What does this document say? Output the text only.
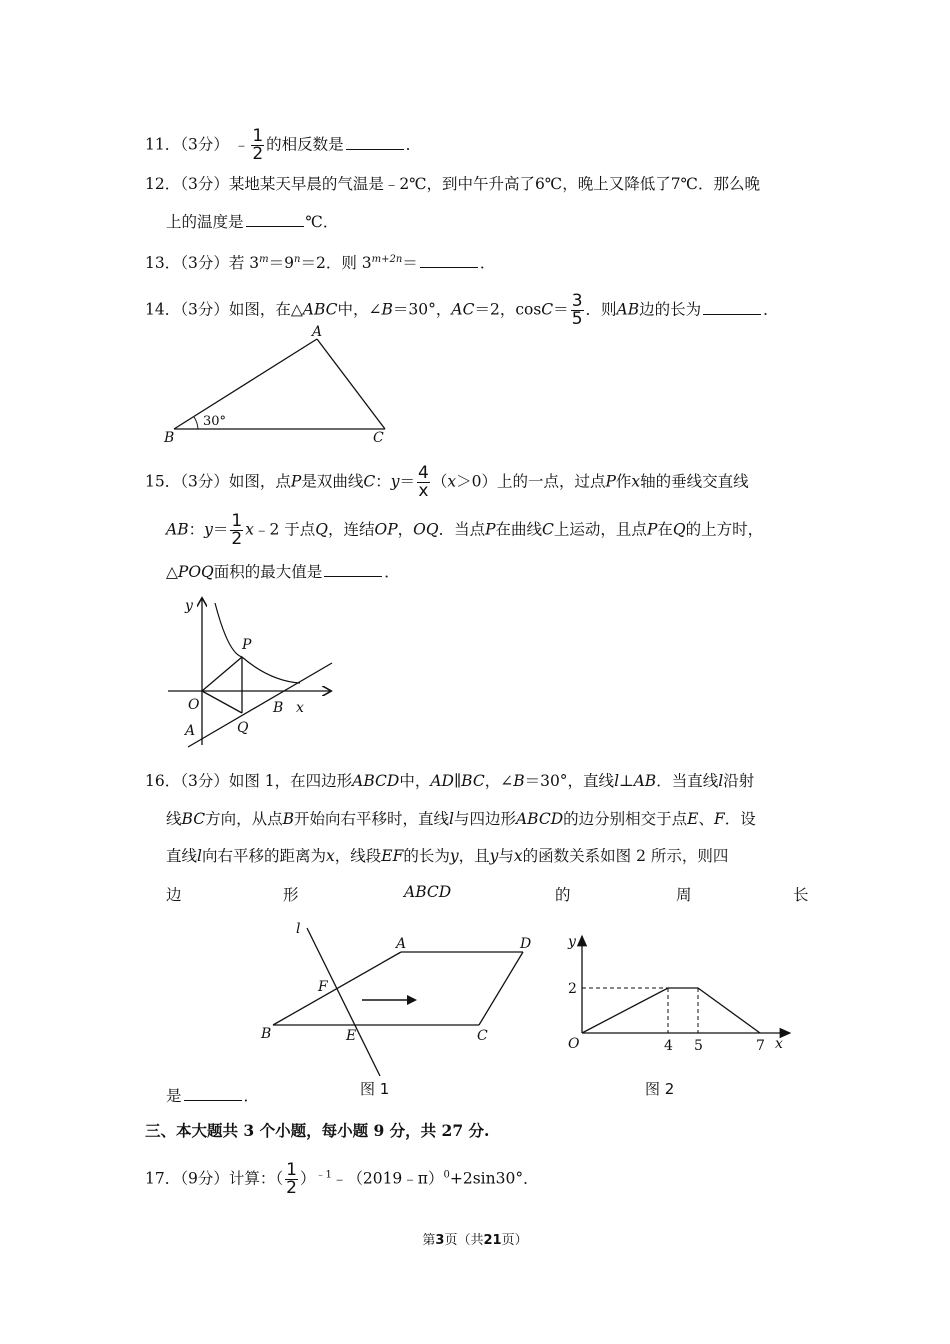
11．（3分） ﹣ $\frac{1}{2}$ 的相反数是	．
12．（3分）某地某天早晨的气温是﹣2℃，到中午升高了6℃，晚上又降低了7℃．那么晚
上的温度是	℃．
13．（3分）若 $3^m=9^n=2$．则 $3^{m+2n}=$	．
14．（3分）如图，在△ABC中，∠B＝30°，AC＝2，$\cos C= \frac{3}{5}$ ．则AB边的长为	．
A
B	C
30°
15．（3分）如图，点P是双曲线C：$y= \frac{4}{x} (x>0)$上的一点，过点P作x轴的垂线交直线
AB：$y= \frac{1}{2}$ x﹣2 于点Q，连结OP，OQ．当点P在曲线C上运动，且点P在Q的上方时，
△POQ面积的最大值是	．
y
x
P
O
Q
B
A
16．（3分）如图 1，在四边形ABCD中，AD∥BC，∠B＝30°，直线l⊥AB．当直线l沿射
线BC方向，从点B开始向右平移时，直线l与四边形ABCD的边分别相交于点E、F．设
直线l向右平移的距离为x，线段EF的长为y，且y与x的函数关系如图 2 所示，则四
边	形	ABCD	的	周	长
l
A	D
F
B	E	C
图 1
y
x
O
2
4 5	7
图 2
是	．
三、本大题共 3 个小题，每小题 9 分，共 27 分.
17．（9分）计算：（ $\frac{1}{2}$ ）$^{﹣1}$﹣（2019﹣π）$^0$+2sin30°．
第3页（共21页）
